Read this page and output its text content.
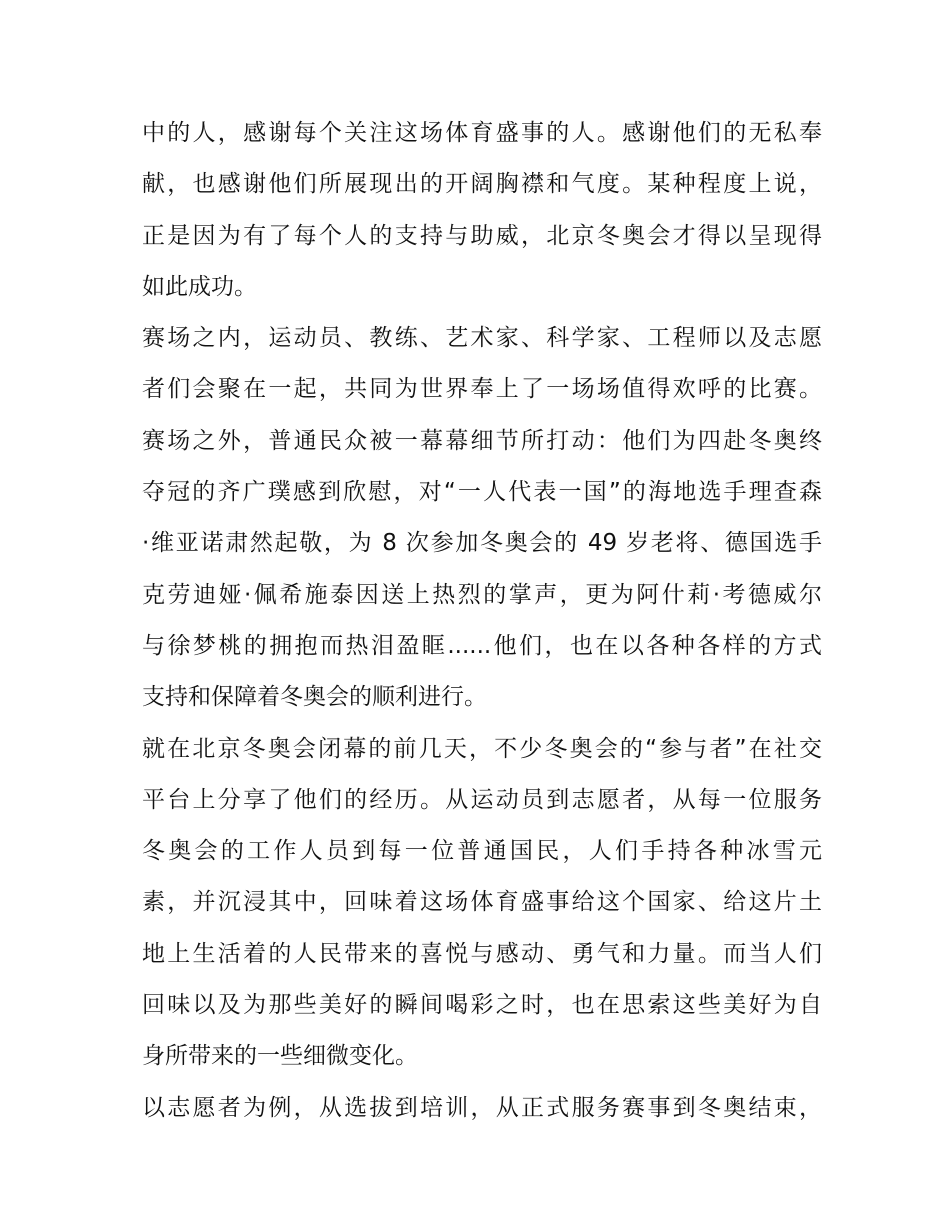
中的人，感谢每个关注这场体育盛事的人。感谢他们的无私奉
献，也感谢他们所展现出的开阔胸襟和气度。某种程度上说，
正是因为有了每个人的支持与助威，北京冬奥会才得以呈现得
如此成功。
赛场之内，运动员、教练、艺术家、科学家、工程师以及志愿
者们会聚在一起，共同为世界奉上了一场场值得欢呼的比赛。
赛场之外，普通民众被一幕幕细节所打动：他们为四赴冬奥终
夺冠的齐广璞感到欣慰，对“一人代表一国”的海地选手理查森
·维亚诺肃然起敬，为 8 次参加冬奥会的 49 岁老将、德国选手
克劳迪娅·佩希施泰因送上热烈的掌声，更为阿什莉·考德威尔
与徐梦桃的拥抱而热泪盈眶......他们，也在以各种各样的方式
支持和保障着冬奥会的顺利进行。
就在北京冬奥会闭幕的前几天，不少冬奥会的“参与者”在社交
平台上分享了他们的经历。从运动员到志愿者，从每一位服务
冬奥会的工作人员到每一位普通国民，人们手持各种冰雪元
素，并沉浸其中，回味着这场体育盛事给这个国家、给这片土
地上生活着的人民带来的喜悦与感动、勇气和力量。而当人们
回味以及为那些美好的瞬间喝彩之时，也在思索这些美好为自
身所带来的一些细微变化。
以志愿者为例，从选拔到培训，从正式服务赛事到冬奥结束，
